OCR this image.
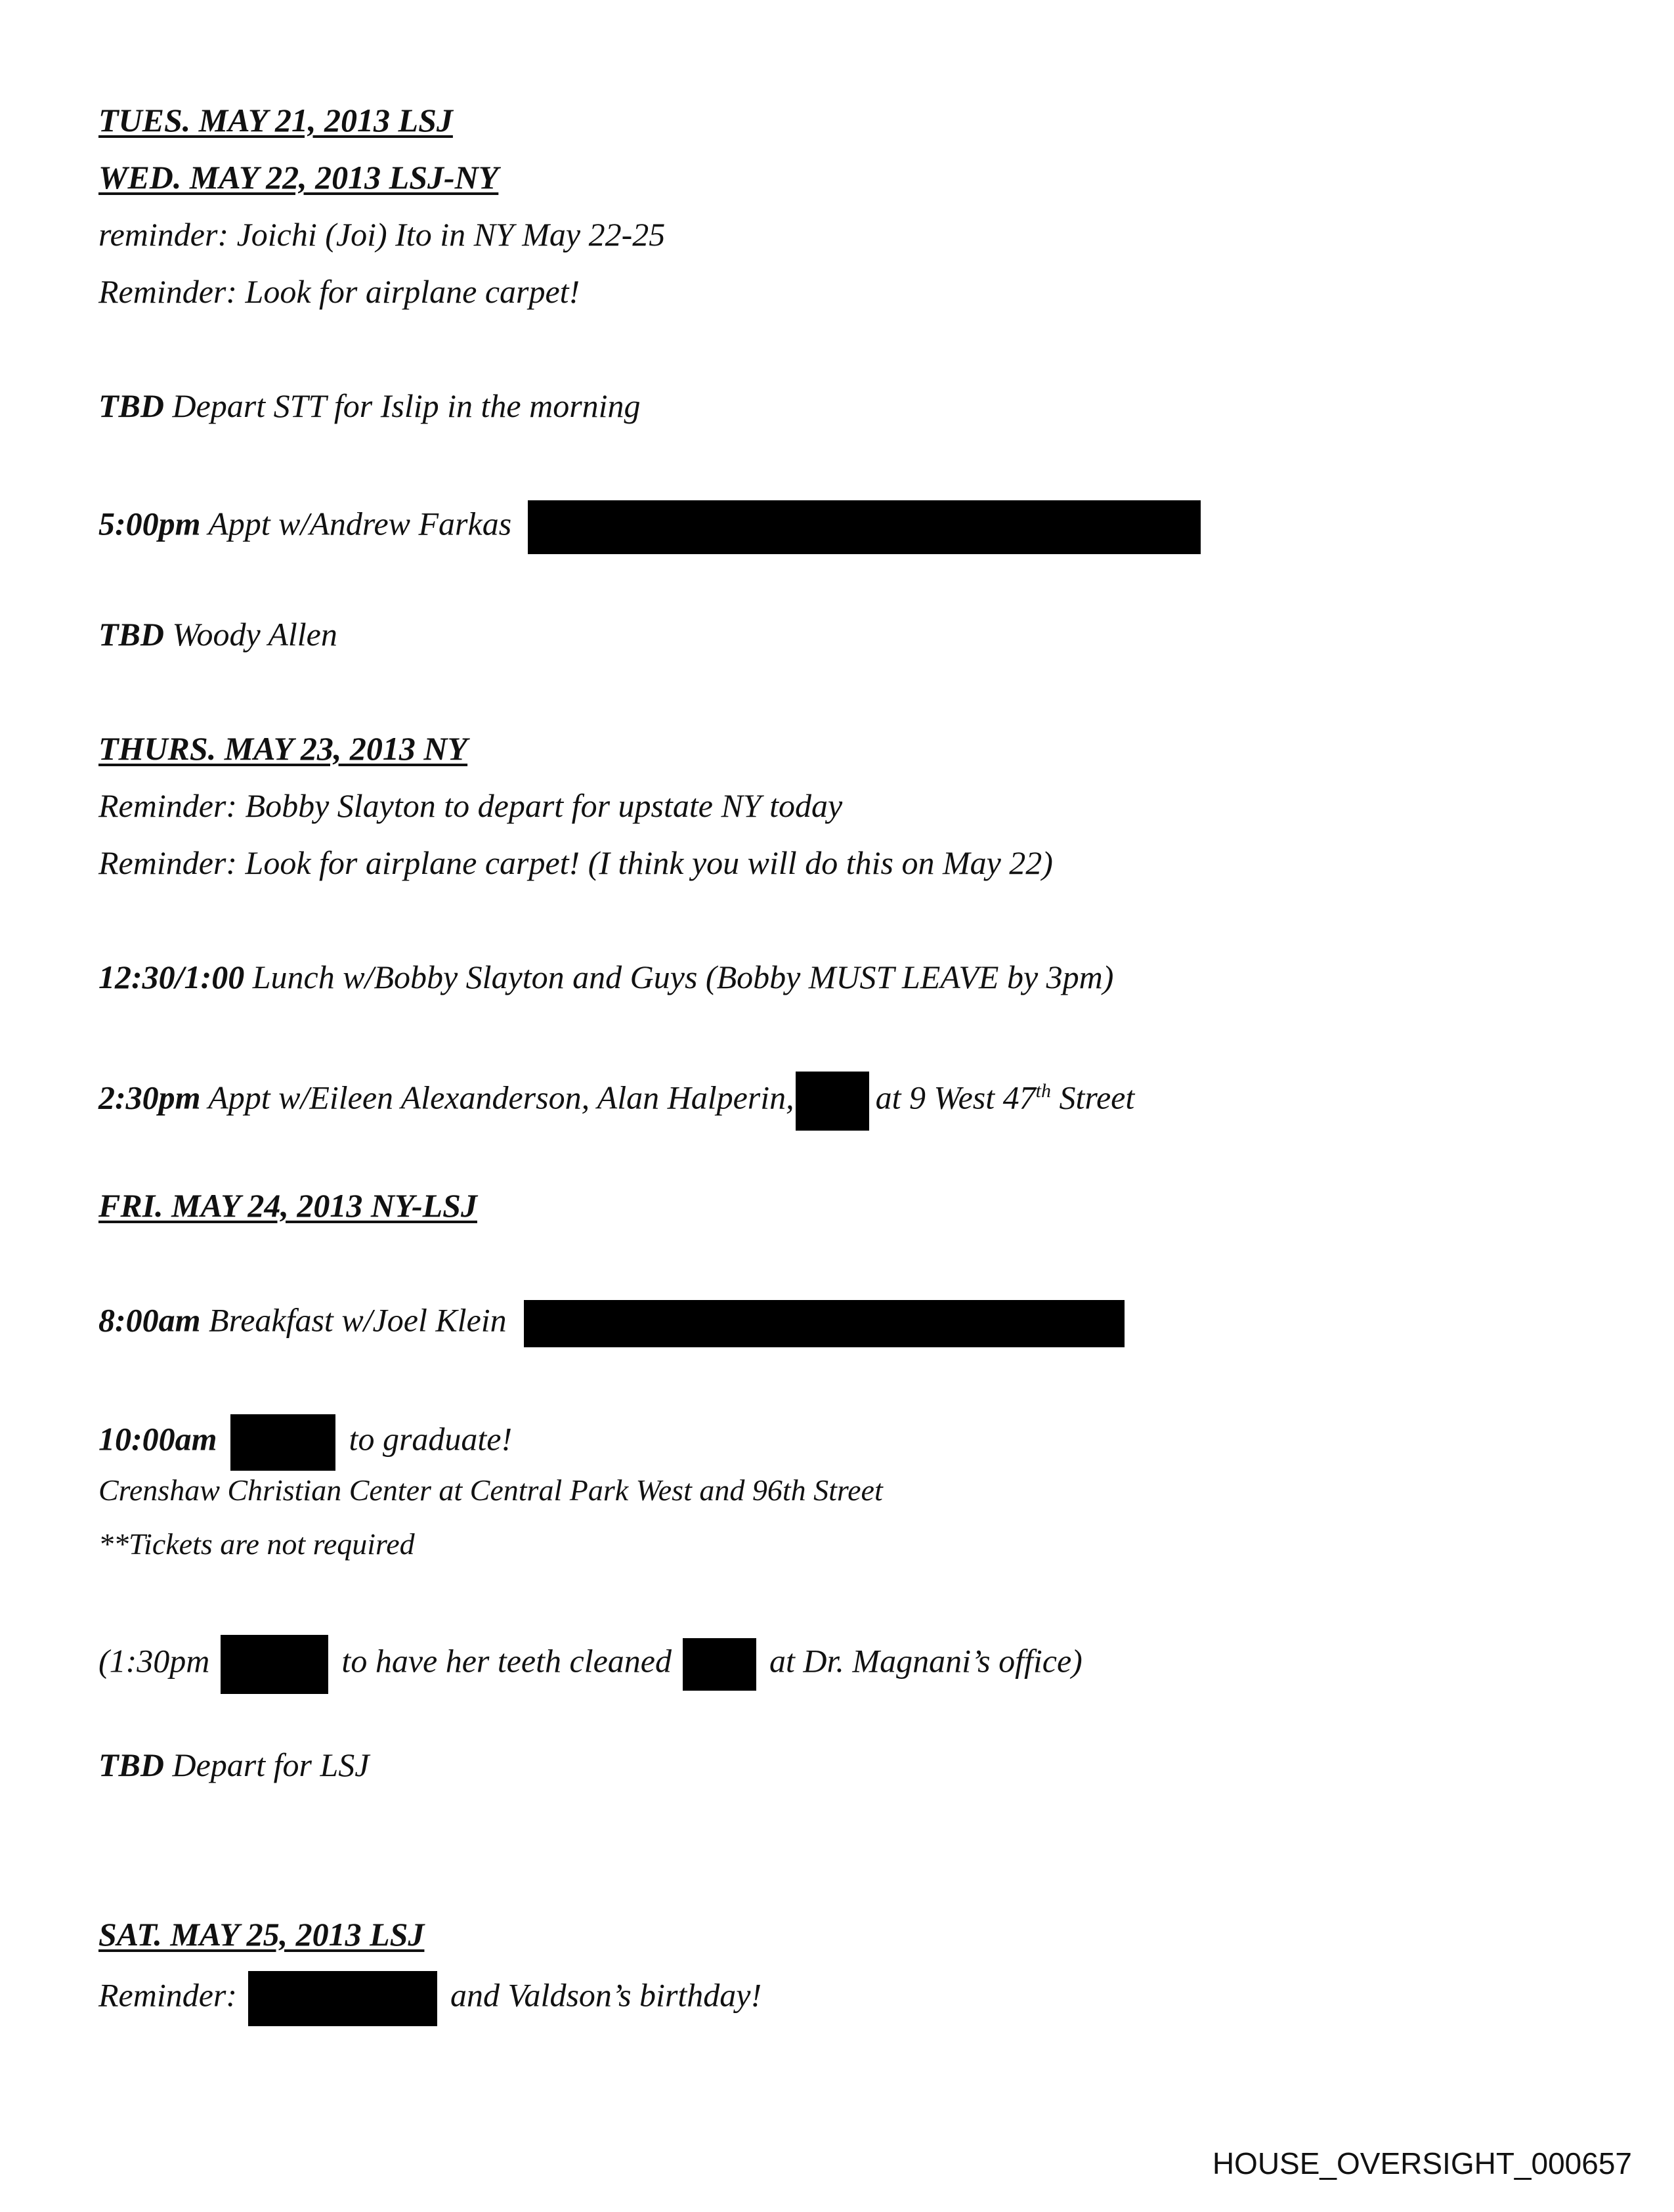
TUES. MAY 21, 2013 LSJ
WED. MAY 22, 2013 LSJ-NY
reminder: Joichi (Joi) Ito in NY May 22-25
Reminder: Look for airplane carpet!
TBD Depart STT for Islip in the morning
5:00pm Appt w/Andrew Farkas
TBD Woody Allen
THURS. MAY 23, 2013 NY
Reminder: Bobby Slayton to depart for upstate NY today
Reminder: Look for airplane carpet! (I think you will do this on May 22)
12:30/1:00 Lunch w/Bobby Slayton and Guys (Bobby MUST LEAVE by 3pm)
2:30pm Appt w/Eileen Alexanderson, Alan Halperin, at 9 West 47th Street
FRI. MAY 24, 2013 NY-LSJ
8:00am Breakfast w/Joel Klein
10:00am	to graduate!
Crenshaw Christian Center at Central Park West and 96th Street
**Tickets are not required
(1:30pm	to have her teeth cleaned	at Dr. Magnani’s office)
TBD Depart for LSJ
SAT. MAY 25, 2013 LSJ
Reminder:	and Valdson’s birthday!
HOUSE_OVERSIGHT_000657
